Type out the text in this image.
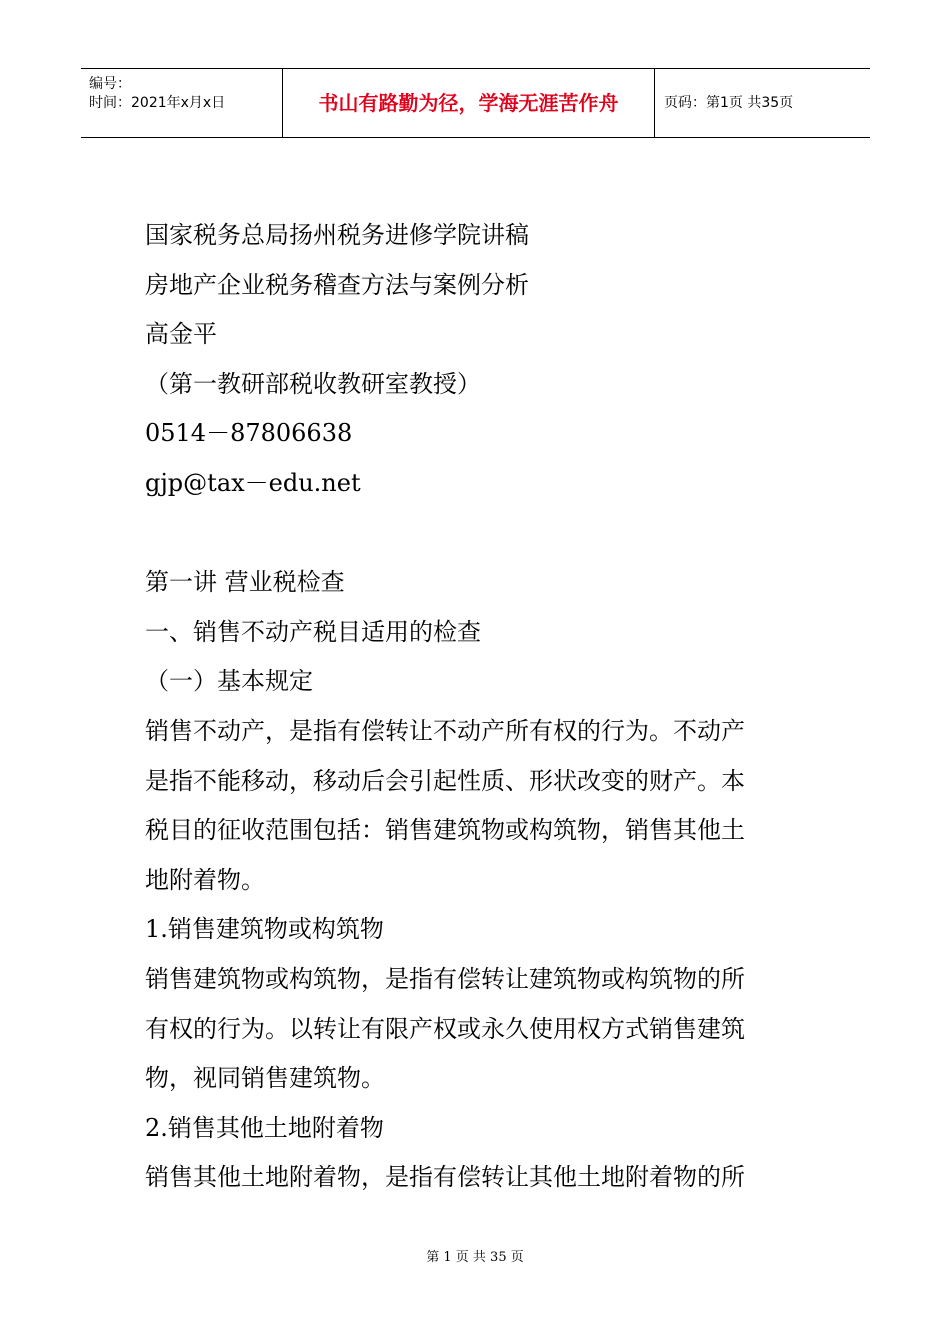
编号：
时间：2021年x月x日	书山有路勤为径，学海无涯苦作舟	页码：第1页 共35页

国家税务总局扬州税务进修学院讲稿

房地产企业税务稽查方法与案例分析

高金平

（第一教研部税收教研室教授）

0514－87806638

gjp@tax－edu.net

第一讲 营业税检查

一、销售不动产税目适用的检查

（一）基本规定

销售不动产，是指有偿转让不动产所有权的行为。不动产

是指不能移动，移动后会引起性质、形状改变的财产。本

税目的征收范围包括：销售建筑物或构筑物，销售其他土

地附着物。

1.销售建筑物或构筑物

销售建筑物或构筑物，是指有偿转让建筑物或构筑物的所

有权的行为。以转让有限产权或永久使用权方式销售建筑

物，视同销售建筑物。

2.销售其他土地附着物

销售其他土地附着物，是指有偿转让其他土地附着物的所

第 1 页 共 35 页
